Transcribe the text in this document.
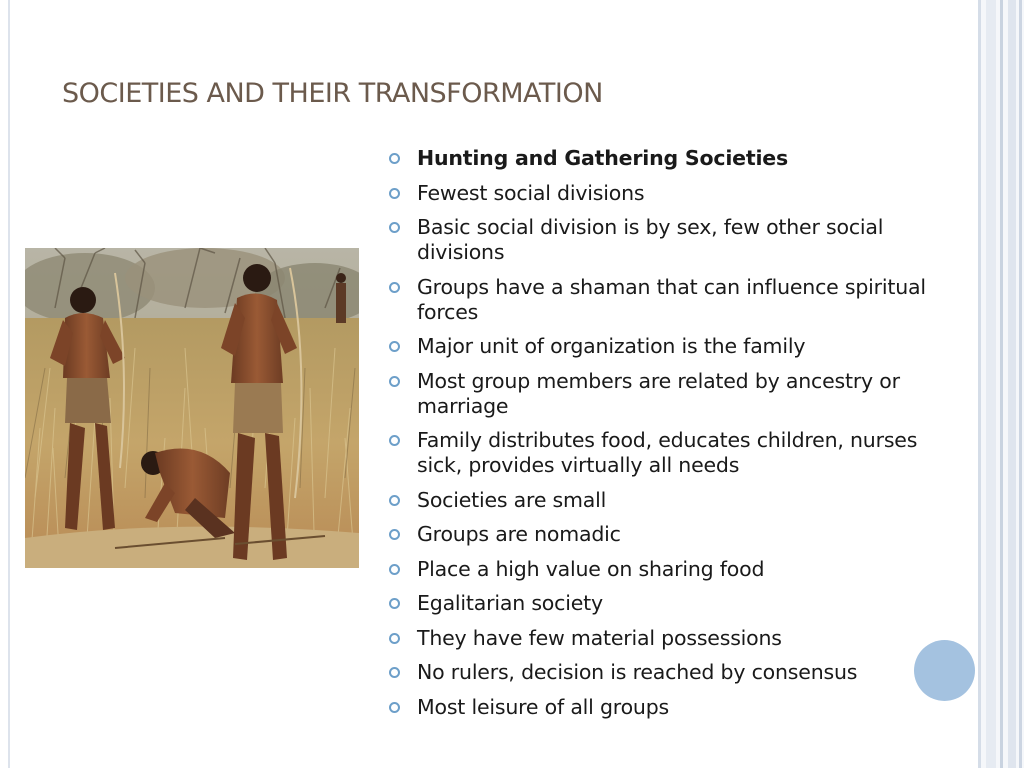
SOCIETIES AND THEIR TRANSFORMATION
Hunting and Gathering Societies
Fewest social divisions
Basic social division is by sex, few other social divisions
Groups have a shaman that can influence spiritual forces
Major unit of organization is the family
Most group members are related by ancestry or marriage
Family distributes food, educates children, nurses sick, provides virtually all needs
Societies are small
Groups are nomadic
Place a high value on sharing food
Egalitarian society
They have few material possessions
No rulers, decision is reached by consensus
Most leisure of all groups
